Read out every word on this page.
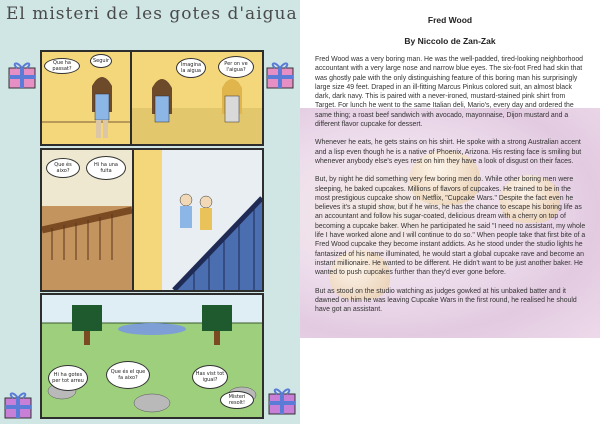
El misteri de les gotes d'aigua
Que ha passat?
Seguir
Imagina la aigua
Per on ve l'aigua?
Que és aixo?
Hi ha una fuita
Hi ha gotes per tot arreu
Que és el que fa aixo?
Has vist tot igual?
Misteri resolt!
Fred Wood
By Niccolo de Zan-Zak

Fred Wood was a very boring man. He was the well-padded, tired-looking neighborhood accountant with a very large nose and narrow blue eyes. The six-foot Fred had skin that was ghostly pale with the only distinguishing feature of this boring man his surprisingly large size 49 feet. Draped in an ill-fitting Marcus Pinkus colored suit, an almost black dark, dark navy. This is paired with a never-ironed, mustard-stained pink shirt from Target. For lunch he went to the same Italian deli, Mario's, every day and ordered the same thing; a roast beef sandwich with avocado, mayonnaise, Dijon mustard and a different flavor cupcake for dessert.

Whenever he eats, he gets stains on his shirt. He spoke with a strong Australian accent and a lisp even though he is a native of Phoenix, Arizona. His resting face is smiling but whenever anybody else's eyes rest on him they have a look of disgust on their faces.

But, by night he did something very few boring men do. While other boring men were sleeping, he baked cupcakes. Millions of flavors of cupcakes. He trained to be in the most prestigious cupcake show on Netflix, "Cupcake Wars." Despite the fact even he believes it's a stupid show, but if he wins, he has the chance to escape his boring life as an accountant and follow his sugar-coated, delicious dream with a cherry on top of becoming a cupcake baker. When he participated he said "I need no assistant, my whole life I have worked alone and I will continue to do so." When people take that first bite of a Fred Wood cupcake they become instant addicts. As he stood under the studio lights he fantasized of his name illuminated, he would start a global cupcake rave and become an instant millionaire. He wanted to be different. He didn't want to be just another baker. He wanted to push cupcakes further than they'd ever gone before.

But as stood on the studio watching as judges gowked at his unbaked batter and it dawned on him he was leaving Cupcake Wars in the first round, he realised he should have got an assistant.
